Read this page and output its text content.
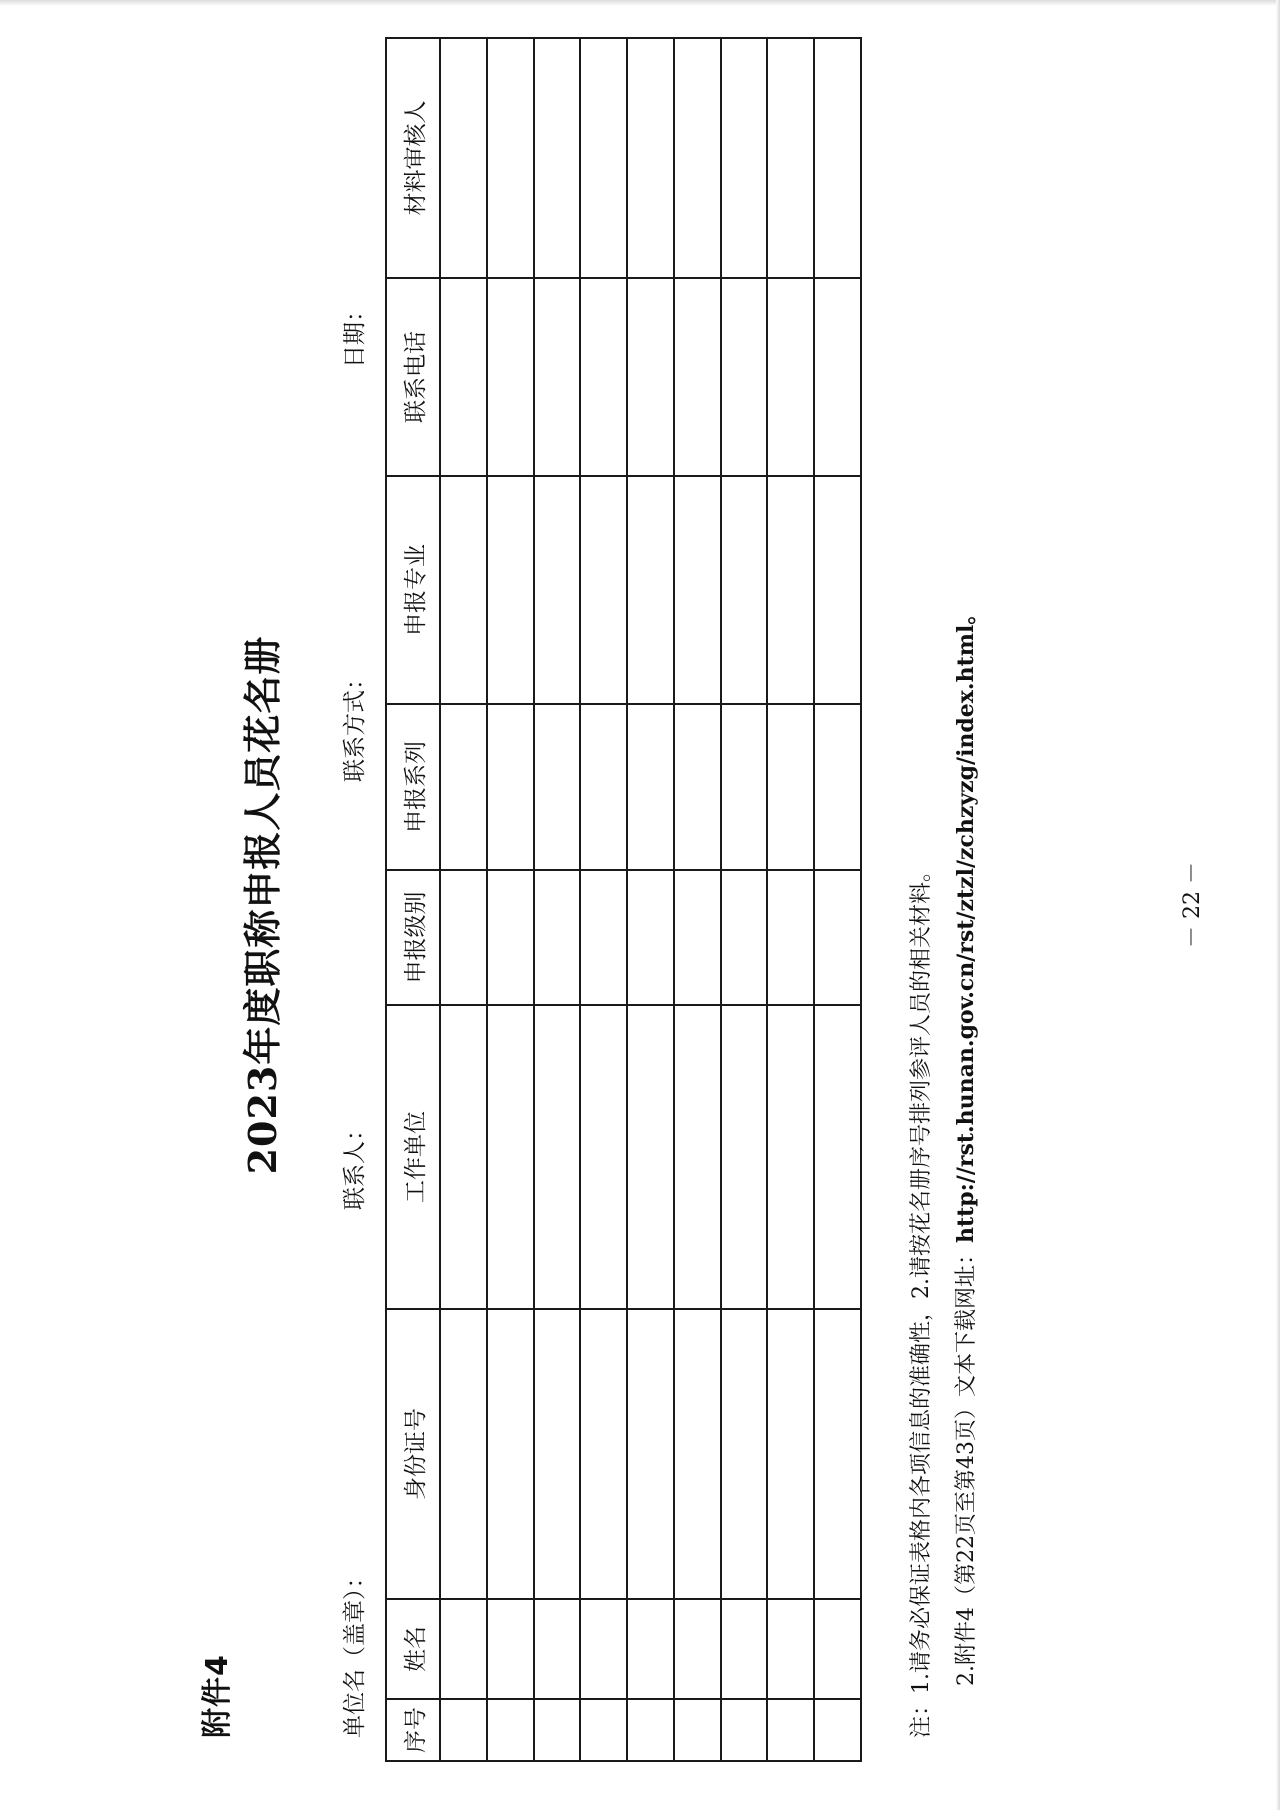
附件4
2023年度职称申报人员花名册
单位名（盖章）：
联系人：
联系方式：
日期：
序号	姓名	身份证号	工作单位	申报级别	申报系列	申报专业	联系电话	材料审核人

注：1.请务必保证表格内各项信息的准确性，2.请按花名册序号排列参评人员的相关材料。 2.附件4（第22页至第43页）文本下载网址：http://rst.hunan.gov.cn/rst/ztzl/zchzyzg/index.html。	－ 22 －
